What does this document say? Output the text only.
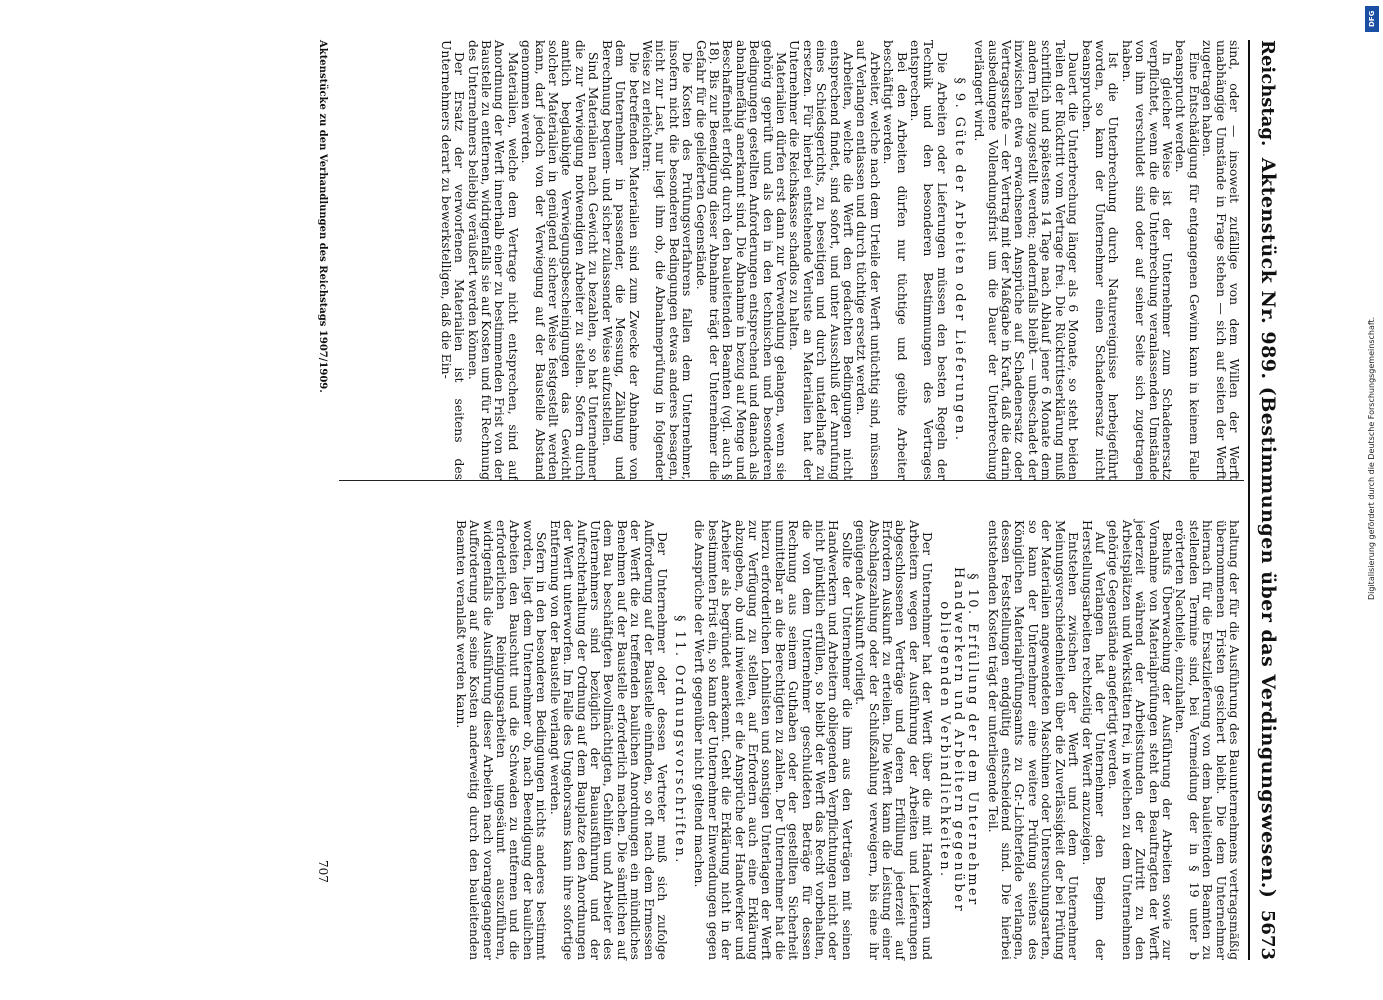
Reichstag.
Aktenstück Nr. 989. (Bestimmungen über das Verdingungswesen.)
5673

sind, oder — insoweit zufällige von dem Willen der Werft unabhängige Umstände in Frage stehen — sich auf seiten der Werft zugetragen haben.

Eine Entschädigung für entgangenen Gewinn kann in keinem Falle beansprucht werden.

In gleicher Weise ist der Unternehmer zum Schadenersatz verpflichtet, wenn die die Unterbrechung veranlassenden Umstände von ihm verschuldet sind oder auf seiner Seite sich zugetragen haben.

Ist die Unterbrechung durch Naturereignisse herbeigeführt worden, so kann der Unternehmer einen Schadenersatz nicht beanspruchen.

Dauert die Unterbrechung länger als 6 Monate, so steht beiden Teilen der Rücktritt vom Vertrage frei. Die Rücktrittserklärung muß schriftlich und spätestens 14 Tage nach Ablauf jener 6 Monate dem andern Teile zugestellt werden; andernfalls bleibt — unbeschadet der inzwischen etwa erwachsenen Ansprüche auf Schadenersatz oder Vertragsstrafe — der Vertrag mit der Maßgabe in Kraft, daß die darin ausbedungene Vollendungsfrist um die Dauer der Unterbrechung verlängert wird.

§ 9. Güte der Arbeiten oder Lieferungen.

Die Arbeiten oder Lieferungen müssen den besten Regeln der Technik und den besonderen Bestimmungen des Vertrages entsprechen.

Bei den Arbeiten dürfen nur tüchtige und geübte Arbeiter beschäftigt werden.

Arbeiter, welche nach dem Urteile der Werft untüchtig sind, müssen auf Verlangen entlassen und durch tüchtige ersetzt werden.

Arbeiten, welche die Werft den gedachten Bedingungen nicht entsprechend findet, sind sofort, und unter Ausschluß der Anrufung eines Schiedsgerichts, zu beseitigen und durch untadelhafte zu ersetzen. Für hierbei entstehende Verluste an Materialien hat der Unternehmer die Reichskasse schadlos zu halten.

Materialien dürfen erst dann zur Verwendung gelangen, wenn sie gehörig geprüft und als den in den technischen und besonderen Bedingungen gestellten Anforderungen entsprechend und danach als abnahmefähig anerkannt sind. Die Abnahme in bezug auf Menge und Beschaffenheit erfolgt durch den bauleitenden Beamten (vgl. auch § 18). Bis zur Beendigung dieser Abnahme trägt der Unternehmer die Gefahr für die gelieferten Gegenstände.

Die Kosten des Prüfungsverfahrens fallen dem Unternehmer, insofern nicht die besonderen Bedingungen etwas anderes besagen, nicht zur Last, nur liegt ihm ob, die Abnahmeprüfung in folgender Weise zu erleichtern:

Die betreffenden Materialien sind zum Zwecke der Abnahme von dem Unternehmer in passender, die Messung, Zählung und Berechnung bequem- und sicher zulassender Weise aufzustellen.

Sind Materialien nach Gewicht zu bezahlen, so hat Unternehmer die zur Verwiegung notwendigen Arbeiter zu stellen. Sofern durch amtlich beglaubigte Verwiegungsbescheinigungen das Gewicht solcher Materialien in genügend sicherer Weise festgestellt werden kann, darf jedoch von der Verwiegung auf der Baustelle Abstand genommen werden.

Materialien, welche dem Vertrage nicht entsprechen, sind auf Anordnung der Werft innerhalb einer zu bestimmenden Frist von der Baustelle zu entfernen, widrigenfalls sie auf Kosten und für Rechnung des Unternehmers beliebig veräußert werden können.

Der Ersatz der verworfenen Materialien ist seitens des Unternehmers derart zu bewerkstelligen, daß die Ein-

haltung der für die Ausführung des Bauunternehmens vertragsmäßig übernommenen Fristen gesichert bleibt. Die dem Unternehmer hiernach für die Ersatzlieferung von dem bauleitenden Beamten zu stellenden Termine sind, bei Vermeidung der in § 19 unter b erörterten Nachteile, einzuhalten.

Behufs Überwachung der Ausführung der Arbeiten sowie zur Vornahme von Materialprüfungen steht den Beauftragten der Werft jederzeit während der Arbeitsstunden der Zutritt zu den Arbeitsplätzen und Werkstätten frei, in welchen zu dem Unternehmen gehörige Gegenstände angefertigt werden.

Auf Verlangen hat der Unternehmer den Beginn der Herstellungsarbeiten rechtzeitig der Werft anzuzeigen.

Entstehen zwischen der Werft und dem Unternehmer Meinungsverschiedenheiten über die Zuverlässigkeit der bei Prüfung der Materialien angewendeten Maschinen oder Untersuchungsarten, so kann der Unternehmer eine weitere Prüfung seitens des Königlichen Materialprüfungsamts zu Gr.-Lichterfelde verlangen, dessen Feststellungen endgültig entscheidend sind. Die hierbei entstehenden Kosten trägt der unterliegende Teil.

§ 10. Erfüllung der dem Unternehmer Handwerkern und Arbeitern gegenüber obliegenden Verbindlichkeiten.

Der Unternehmer hat der Werft über die mit Handwerkern und Arbeitern wegen der Ausführung der Arbeiten und Lieferungen abgeschlossenen Verträge und deren Erfüllung jederzeit auf Erfordern Auskunft zu erteilen. Die Werft kann die Leistung einer Abschlagszahlung oder der Schlußzahlung verweigern, bis eine ihr genügende Auskunft vorliegt.

Sollte der Unternehmer die ihm aus den Verträgen mit seinen Handwerkern und Arbeitern obliegenden Verpflichtungen nicht oder nicht pünktlich erfüllen, so bleibt der Werft das Recht vorbehalten, die von dem Unternehmer geschuldeten Beträge für dessen Rechnung aus seinem Guthaben oder der gestellten Sicherheit unmittelbar an die Berechtigten zu zahlen. Der Unternehmer hat die hierzu erforderlichen Lohnlisten und sonstigen Unterlagen der Werft zur Verfügung zu stellen, auf Erfordern auch eine Erklärung abzugeben, ob und inwieweit er die Ansprüche der Handwerker und Arbeiter als begründet anerkennt. Geht die Erklärung nicht in der bestimmten Frist ein, so kann der Unternehmer Einwendungen gegen die Ansprüche der Werft gegenüber nicht geltend machen.

§ 11. Ordnungsvorschriften.

Der Unternehmer oder dessen Vertreter muß sich zufolge Aufforderung auf der Baustelle einfinden, so oft nach dem Ermessen der Werft die zu treffenden baulichen Anordnungen ein mündliches Benehmen auf der Baustelle erforderlich machen. Die sämtlichen auf dem Bau beschäftigten Bevollmächtigten, Gehilfen und Arbeiter des Unternehmers sind bezüglich der Bauausführung und der Aufrechterhaltung der Ordnung auf dem Bauplatze den Anordnungen der Werft unterworfen. Im Falle des Ungehorsams kann ihre sofortige Entfernung von der Baustelle verlangt werden.

Sofern in den besonderen Bedingungen nichts anderes bestimmt worden, liegt dem Unternehmer ob, nach Beendigung der baulichen Arbeiten den Bauschutt und die Schwaden zu entfernen und die erforderlichen Reinigungsarbeiten ungesäumt auszuführen, widrigenfalls die Ausführung dieser Arbeiten nach vorangegangener Aufforderung auf seine Kosten anderweitig durch den bauleitenden Beamten veranlaßt werden kann.

Aktenstücke zu den Verhandlungen des Reichstags 1907/1909.
707
DFG
Digitalisierung gefördert durch die Deutsche Forschungsgemeinschaft.
